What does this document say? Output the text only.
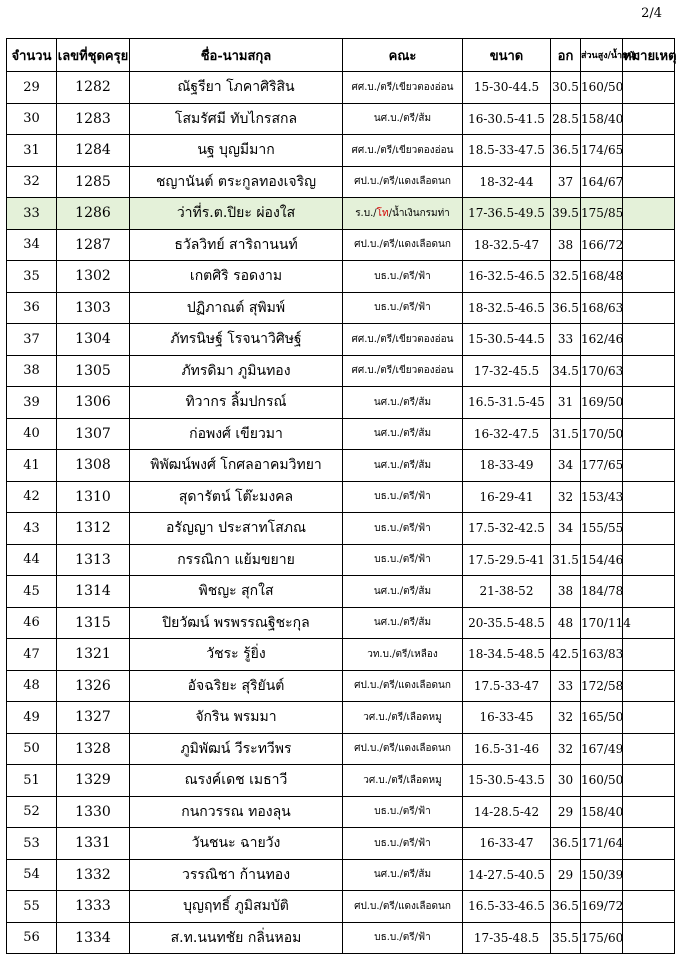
2/4
จำนวน	เลขที่ชุดครุย	ชื่อ-นามสกุล	คณะ	ขนาด	อก	ส่วนสูง/น้ำหนัก	หมายเหตุ
29	1282	ณัฐรียา โภคาศิริสิน	ศศ.บ./ตรี/เขียวตองอ่อน	15-30-44.5	30.5	160/50	
30	1283	โสมรัศมี ทับไกรสกล	นศ.บ./ตรี/ส้ม	16-30.5-41.5	28.5	158/40	
31	1284	นฐ บุญมีมาก	ศศ.บ./ตรี/เขียวตองอ่อน	18.5-33-47.5	36.5	174/65	
32	1285	ชญานันต์ ตระกูลทองเจริญ	ศป.บ./ตรี/แดงเลือดนก	18-32-44	37	164/67	
33	1286	ว่าที่ร.ต.ปิยะ ผ่องใส	ร.บ./โท/น้ำเงินกรมท่า	17-36.5-49.5	39.5	175/85	
34	1287	ธวัลวิทย์ สาริถานนท์	ศป.บ./ตรี/แดงเลือดนก	18-32.5-47	38	166/72	
35	1302	เกตศิริ รอดงาม	บธ.บ./ตรี/ฟ้า	16-32.5-46.5	32.5	168/48	
36	1303	ปฏิภาณต์ สุพิมพ์	บธ.บ./ตรี/ฟ้า	18-32.5-46.5	36.5	168/63	
37	1304	ภัทรนิษฐ์ โรจนาวิศิษฐ์	ศศ.บ./ตรี/เขียวตองอ่อน	15-30.5-44.5	33	162/46	
38	1305	ภัทรดิมา ภูมินทอง	ศศ.บ./ตรี/เขียวตองอ่อน	17-32-45.5	34.5	170/63	
39	1306	ทิวากร ลิ้มปกรณ์	นศ.บ./ตรี/ส้ม	16.5-31.5-45	31	169/50	
40	1307	ก่อพงศ์ เขียวมา	นศ.บ./ตรี/ส้ม	16-32-47.5	31.5	170/50	
41	1308	พิพัฒน์พงศ์ โกศลอาคมวิทยา	นศ.บ./ตรี/ส้ม	18-33-49	34	177/65	
42	1310	สุดารัตน์ โต๊ะมงคล	บธ.บ./ตรี/ฟ้า	16-29-41	32	153/43	
43	1312	อรัญญา ประสาทโสภณ	บธ.บ./ตรี/ฟ้า	17.5-32-42.5	34	155/55	
44	1313	กรรณิกา แย้มขยาย	บธ.บ./ตรี/ฟ้า	17.5-29.5-41	31.5	154/46	
45	1314	พิชญะ สุกใส	นศ.บ./ตรี/ส้ม	21-38-52	38	184/78	
46	1315	ปิยวัฒน์ พรพรรณฐิชะกุล	นศ.บ./ตรี/ส้ม	20-35.5-48.5	48	170/114	
47	1321	วัชระ รู้ยิ่ง	วท.บ./ตรี/เหลือง	18-34.5-48.5	42.5	163/83	
48	1326	อัจฉริยะ สุริยันต์	ศป.บ./ตรี/แดงเลือดนก	17.5-33-47	33	172/58	
49	1327	จักริน พรมมา	วศ.บ./ตรี/เลือดหมู	16-33-45	32	165/50	
50	1328	ภูมิพัฒน์ วีระทวีพร	ศป.บ./ตรี/แดงเลือดนก	16.5-31-46	32	167/49	
51	1329	ณรงค์เดช เมธาวี	วศ.บ./ตรี/เลือดหมู	15-30.5-43.5	30	160/50	
52	1330	กนกวรรณ ทองลุน	บธ.บ./ตรี/ฟ้า	14-28.5-42	29	158/40	
53	1331	วันชนะ ฉายวัง	บธ.บ./ตรี/ฟ้า	16-33-47	36.5	171/64	
54	1332	วรรณิชา ก้านทอง	นศ.บ./ตรี/ส้ม	14-27.5-40.5	29	150/39	
55	1333	บุญฤทธิ์ ภูมิสมบัติ	ศป.บ./ตรี/แดงเลือดนก	16.5-33-46.5	36.5	169/72	
56	1334	ส.ท.นนทชัย กลิ่นหอม	บธ.บ./ตรี/ฟ้า	17-35-48.5	35.5	175/60	
